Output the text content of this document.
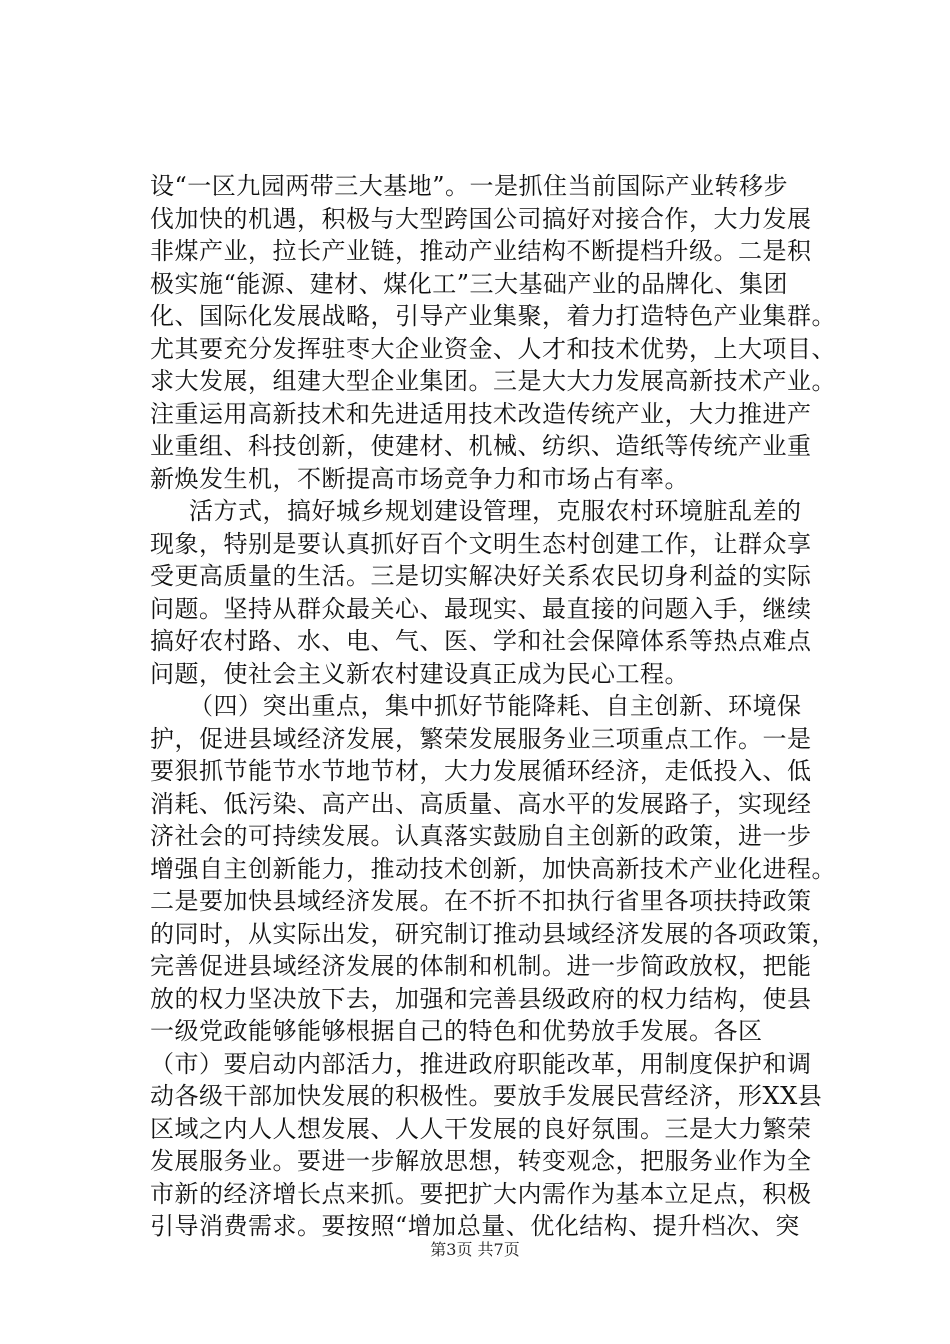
设“一区九园两带三大基地”。一是抓住当前国际产业转移步
伐加快的机遇，积极与大型跨国公司搞好对接合作，大力发展
非煤产业，拉长产业链，推动产业结构不断提档升级。二是积
极实施“能源、建材、煤化工”三大基础产业的品牌化、集团
化、国际化发展战略，引导产业集聚，着力打造特色产业集群。
尤其要充分发挥驻枣大企业资金、人才和技术优势，上大项目、
求大发展，组建大型企业集团。三是大大力发展高新技术产业。
注重运用高新技术和先进适用技术改造传统产业，大力推进产
业重组、科技创新，使建材、机械、纺织、造纸等传统产业重
新焕发生机，不断提高市场竞争力和市场占有率。
活方式，搞好城乡规划建设管理，克服农村环境脏乱差的
现象，特别是要认真抓好百个文明生态村创建工作，让群众享
受更高质量的生活。三是切实解决好关系农民切身利益的实际
问题。坚持从群众最关心、最现实、最直接的问题入手，继续
搞好农村路、水、电、气、医、学和社会保障体系等热点难点
问题，使社会主义新农村建设真正成为民心工程。
（四）突出重点，集中抓好节能降耗、自主创新、环境保
护，促进县域经济发展，繁荣发展服务业三项重点工作。一是
要狠抓节能节水节地节材，大力发展循环经济，走低投入、低
消耗、低污染、高产出、高质量、高水平的发展路子，实现经
济社会的可持续发展。认真落实鼓励自主创新的政策，进一步
增强自主创新能力，推动技术创新，加快高新技术产业化进程。
二是要加快县域经济发展。在不折不扣执行省里各项扶持政策
的同时，从实际出发，研究制订推动县域经济发展的各项政策，
完善促进县域经济发展的体制和机制。进一步简政放权，把能
放的权力坚决放下去，加强和完善县级政府的权力结构，使县
一级党政能够能够根据自己的特色和优势放手发展。各区
（市）要启动内部活力，推进政府职能改革，用制度保护和调
动各级干部加快发展的积极性。要放手发展民营经济，形XX县
区域之内人人想发展、人人干发展的良好氛围。三是大力繁荣
发展服务业。要进一步解放思想，转变观念，把服务业作为全
市新的经济增长点来抓。要把扩大内需作为基本立足点，积极
引导消费需求。要按照“增加总量、优化结构、提升档次、突
第3页 共7页
